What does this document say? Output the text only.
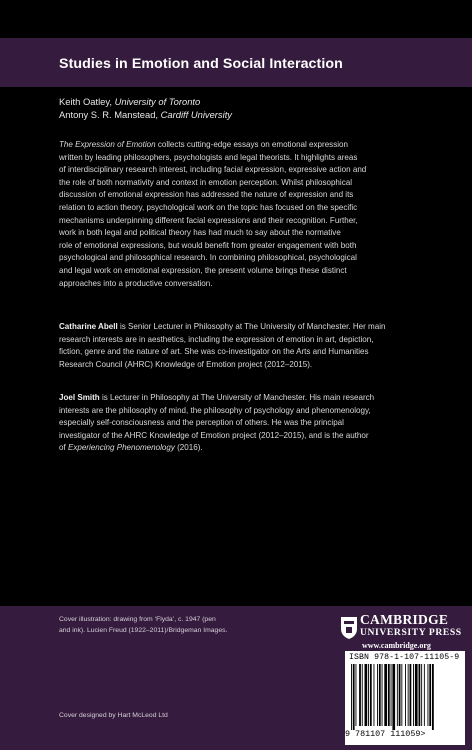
Studies in Emotion and Social Interaction
Keith Oatley, University of Toronto
Antony S. R. Manstead, Cardiff University

The Expression of Emotion collects cutting-edge essays on emotional expression

written by leading philosophers, psychologists and legal theorists. It highlights areas

of interdisciplinary research interest, including facial expression, expressive action and

the role of both normativity and context in emotion perception. Whilst philosophical

discussion of emotional expression has addressed the nature of expression and its

relation to action theory, psychological work on the topic has focused on the specific

mechanisms underpinning different facial expressions and their recognition. Further,

work in both legal and political theory has had much to say about the normative

role of emotional expressions, but would benefit from greater engagement with both

psychological and philosophical research. In combining philosophical, psychological

and legal work on emotional expression, the present volume brings these distinct

approaches into a productive conversation.

Catharine Abell is Senior Lecturer in Philosophy at The University of Manchester. Her main

research interests are in aesthetics, including the expression of emotion in art, depiction,

fiction, genre and the nature of art. She was co-investigator on the Arts and Humanities

Research Council (AHRC) Knowledge of Emotion project (2012–2015).

Joel Smith is Lecturer in Philosophy at The University of Manchester. His main research

interests are the philosophy of mind, the philosophy of psychology and phenomenology,

especially self-consciousness and the perception of others. He was the principal

investigator of the AHRC Knowledge of Emotion project (2012–2015), and is the author

of Experiencing Phenomenology (2016).

Cover illustration: drawing from ‘Flyda’, c. 1947 (pen
and ink). Lucien Freud (1922–2011)/Bridgeman Images.
Cover designed by Hart McLeod Ltd
CAMBRIDGE
UNIVERSITY PRESS
www.cambridge.org
ISBN 978-1-107-11105-9
9 781107 111059>
